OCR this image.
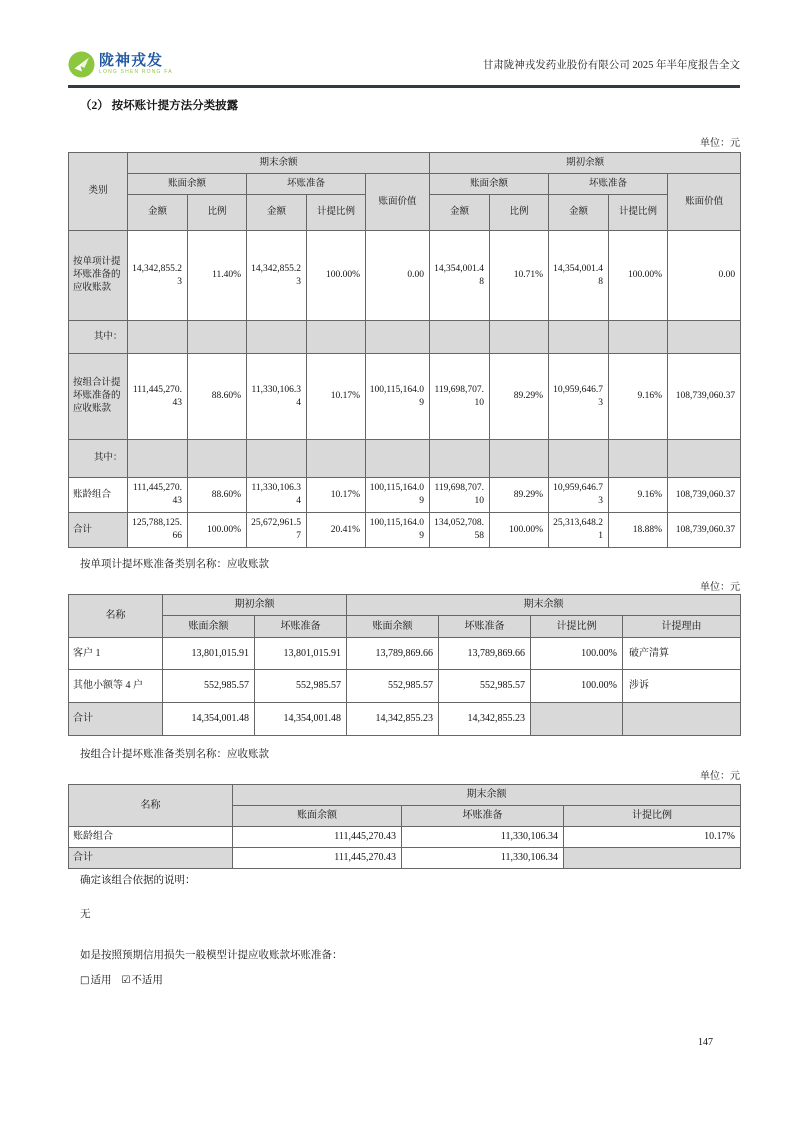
陇神戎发
LONG SHEN RONG FA
甘肃陇神戎发药业股份有限公司 2025 年半年度报告全文
（2） 按坏账计提方法分类披露
单位：元
类别	期末余额					期初余额				
	账面余额		坏账准备		账面价值	账面余额		坏账准备		账面价值
	金额	比例	金额	计提比例		金额	比例	金额	计提比例	
按单项计提坏账准备的应收账款	14,342,855.23	11.40%	14,342,855.23	100.00%	0.00	14,354,001.48	10.71%	14,354,001.48	100.00%	0.00
其中：										
按组合计提坏账准备的应收账款	111,445,270.43	88.60%	11,330,106.34	10.17%	100,115,164.09	119,698,707.10	89.29%	10,959,646.73	9.16%	108,739,060.37
其中：										
账龄组合	111,445,270.43	88.60%	11,330,106.34	10.17%	100,115,164.09	119,698,707.10	89.29%	10,959,646.73	9.16%	108,739,060.37
合计	125,788,125.66	100.00%	25,672,961.57	20.41%	100,115,164.09	134,052,708.58	100.00%	25,313,648.21	18.88%	108,739,060.37
按单项计提坏账准备类别名称：应收账款
单位：元
名称	期初余额		期末余额			
	账面余额	坏账准备	账面余额	坏账准备	计提比例	计提理由
客户 1	13,801,015.91	13,801,015.91	13,789,869.66	13,789,869.66	100.00%	破产清算
其他小额等 4 户	552,985.57	552,985.57	552,985.57	552,985.57	100.00%	涉诉
合计	14,354,001.48	14,354,001.48	14,342,855.23	14,342,855.23		
按组合计提坏账准备类别名称：应收账款
单位：元
名称	期末余额		
	账面余额	坏账准备	计提比例
账龄组合	111,445,270.43	11,330,106.34	10.17%
合计	111,445,270.43	11,330,106.34	
确定该组合依据的说明：
无
如是按照预期信用损失一般模型计提应收账款坏账准备：
□适用 ☑不适用
147
